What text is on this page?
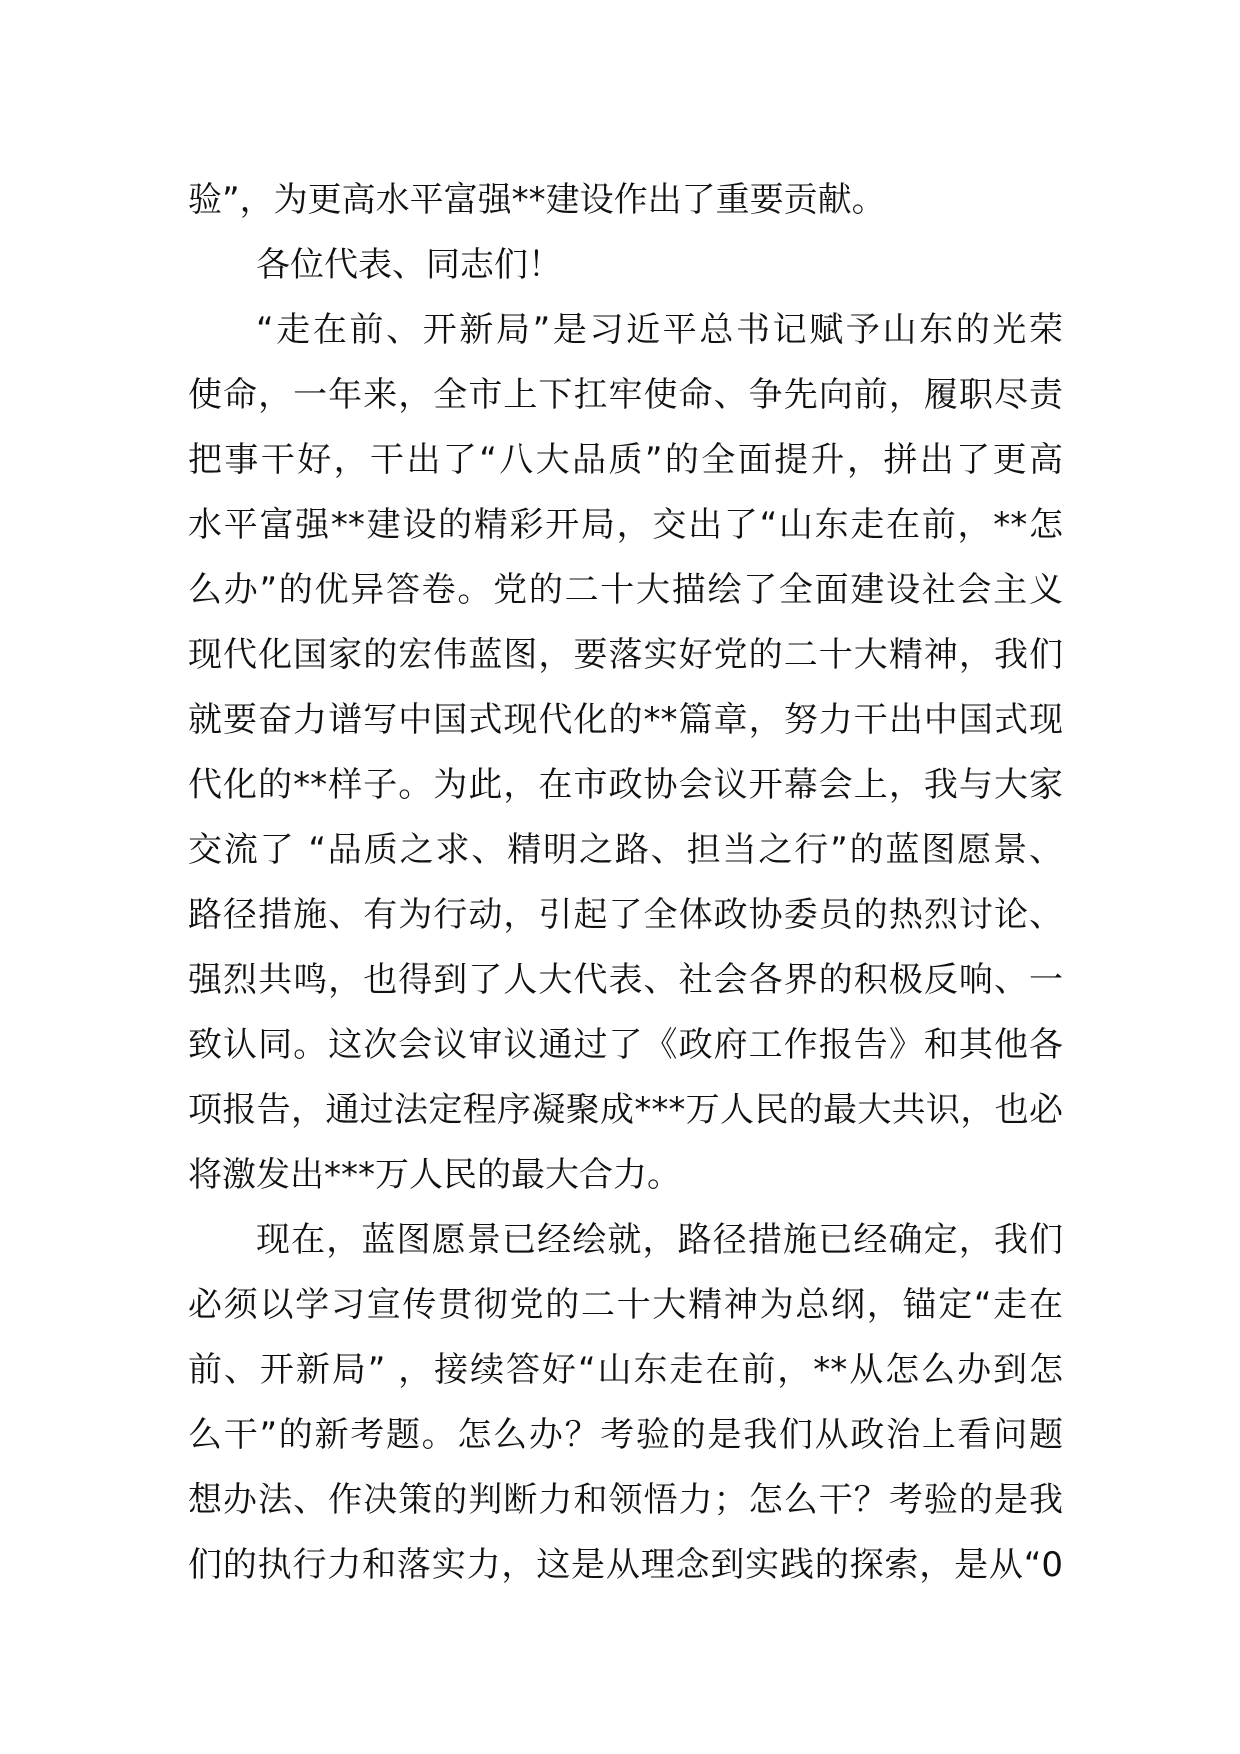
验”，为更高水平富强**建设作出了重要贡献。
各位代表、同志们！
“走在前、开新局”是习近平总书记赋予山东的光荣
使命，一年来，全市上下扛牢使命、争先向前，履职尽责
把事干好，干出了“八大品质”的全面提升，拼出了更高
水平富强**建设的精彩开局，交出了“山东走在前，**怎
么办”的优异答卷。党的二十大描绘了全面建设社会主义
现代化国家的宏伟蓝图，要落实好党的二十大精神，我们
就要奋力谱写中国式现代化的**篇章，努力干出中国式现
代化的**样子。为此，在市政协会议开幕会上，我与大家
交流了 “品质之求、精明之路、担当之行”的蓝图愿景、
路径措施、有为行动，引起了全体政协委员的热烈讨论、
强烈共鸣，也得到了人大代表、社会各界的积极反响、一
致认同。这次会议审议通过了《政府工作报告》和其他各
项报告，通过法定程序凝聚成***万人民的最大共识，也必
将激发出***万人民的最大合力。
现在，蓝图愿景已经绘就，路径措施已经确定，我们
必须以学习宣传贯彻党的二十大精神为总纲，锚定“走在
前、开新局” ，接续答好“山东走在前，**从怎么办到怎
么干”的新考题。怎么办？考验的是我们从政治上看问题
想办法、作决策的判断力和领悟力；怎么干？考验的是我
们的执行力和落实力，这是从理念到实践的探索，是从“0
